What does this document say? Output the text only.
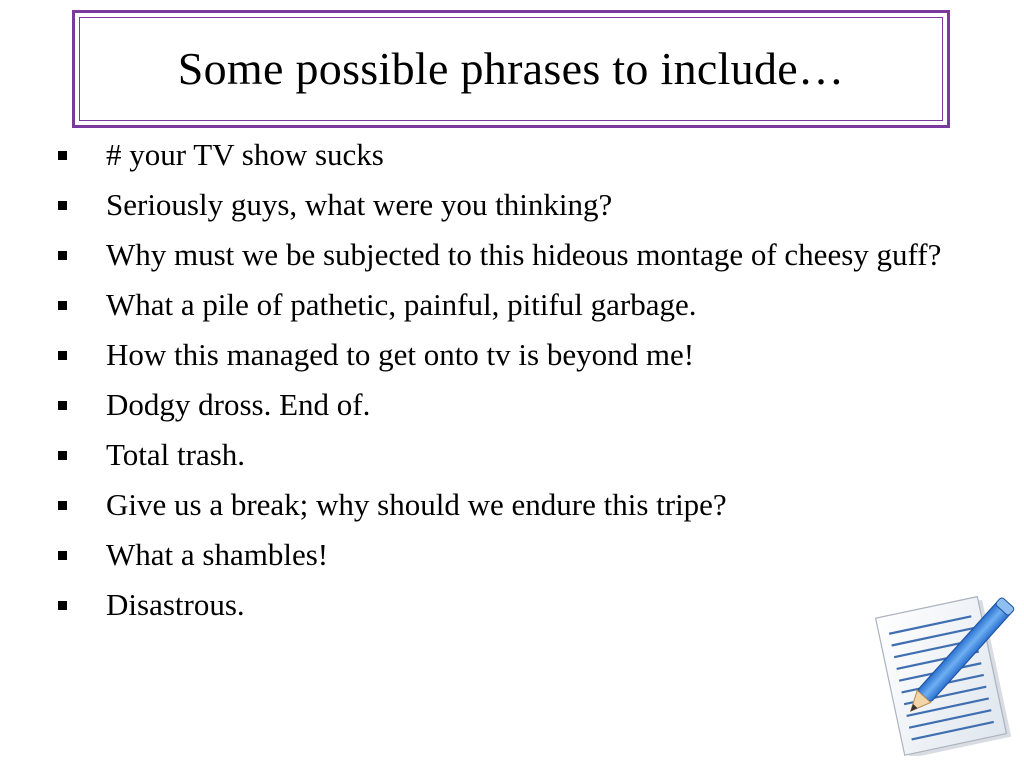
Some possible phrases to include…
# your TV show sucks
Seriously guys, what were you thinking?
Why must we be subjected to this hideous montage of cheesy guff?
What a pile of pathetic, painful, pitiful garbage.
How this managed to get onto tv is beyond me!
Dodgy dross. End of.
Total trash.
Give us a break; why should we endure this tripe?
What a shambles!
Disastrous.
